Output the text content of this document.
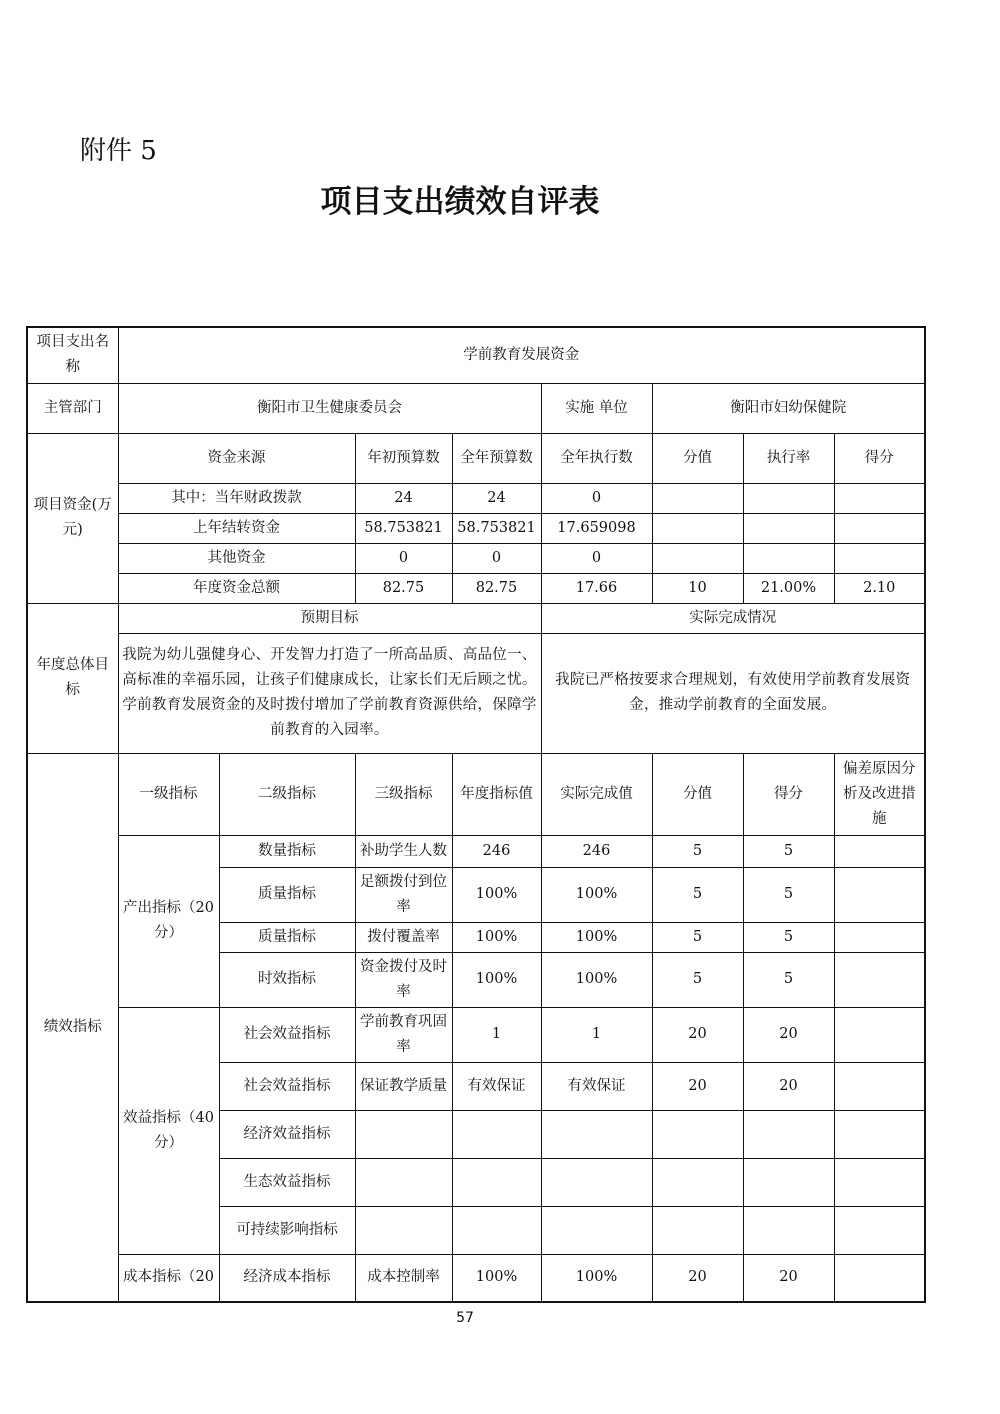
附件 5
项目支出绩效自评表
项目支出名称	学前教育发展资金							
主管部门	衡阳市卫生健康委员会				实施 单位	衡阳市妇幼保健院		
项目资金(万元)	资金来源		年初预算数	全年预算数	全年执行数	分值	执行率	得分
	其中：当年财政拨款		24	24	0			
	上年结转资金		58.753821	58.753821	17.659098			
	其他资金		0	0	0			
	年度资金总额		82.75	82.75	17.66	10	21.00%	2.10
年度总体目标	预期目标				实际完成情况			
	我院为幼儿强健身心、开发智力打造了一所高品质、高品位一、高标准的幸福乐园，让孩子们健康成长，让家长们无后顾之忧。学前教育发展资金的及时拨付增加了学前教育资源供给，保障学前教育的入园率。				我院已严格按要求合理规划，有效使用学前教育发展资金，推动学前教育的全面发展。			
绩效指标	一级指标	二级指标	三级指标	年度指标值	实际完成值	分值	得分	偏差原因分析及改进措施
	产出指标（20分）	数量指标	补助学生人数	246	246	5	5	
		质量指标	足额拨付到位率	100%	100%	5	5	
		质量指标	拨付覆盖率	100%	100%	5	5	
		时效指标	资金拨付及时率	100%	100%	5	5	
	效益指标（40分）	社会效益指标	学前教育巩固率	1	1	20	20	
		社会效益指标	保证教学质量	有效保证	有效保证	20	20	
		经济效益指标						
		生态效益指标						
		可持续影响指标						
	成本指标（20	经济成本指标	成本控制率	100%	100%	20	20	
57
